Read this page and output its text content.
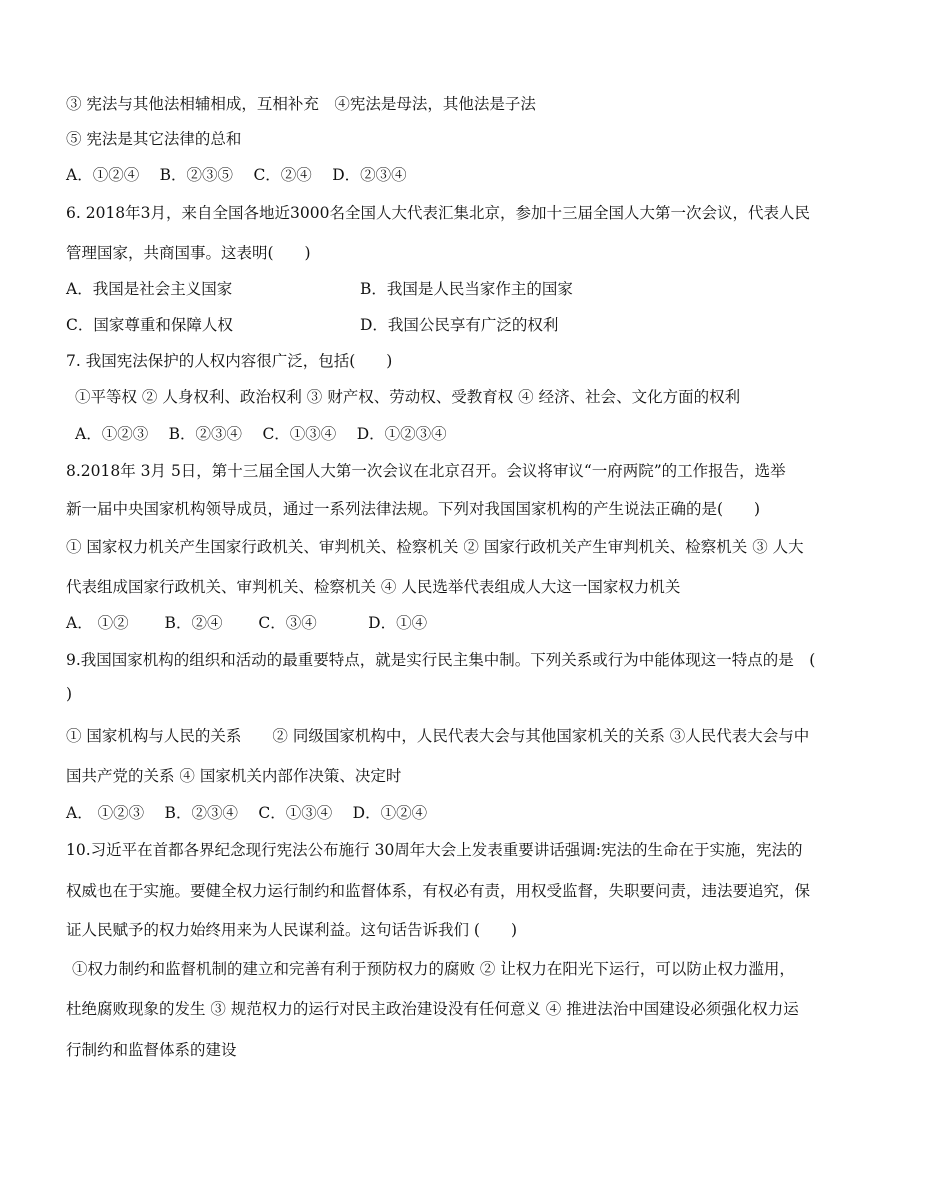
③ 宪法与其他法相辅相成，互相补充　④宪法是母法，其他法是子法
⑤ 宪法是其它法律的总和
A．①②④　 B．②③⑤　 C．②④　 D．②③④
6. 2018年3月，来自全国各地近3000名全国人大代表汇集北京，参加十三届全国人大第一次会议，代表人民
管理国家，共商国事。这表明(　　)
A．我国是社会主义国家	B．我国是人民当家作主的国家
C．国家尊重和保障人权	D．我国公民享有广泛的权利
7. 我国宪法保护的人权内容很广泛，包括(　　)
①平等权 ② 人身权利、政治权利 ③ 财产权、劳动权、受教育权 ④ 经济、社会、文化方面的权利
A．①②③　 B．②③④　 C．①③④　 D．①②③④
8.2018年 3月 5日，第十三届全国人大第一次会议在北京召开。会议将审议“一府两院”的工作报告，选举
新一届中央国家机构领导成员，通过一系列法律法规。下列对我国国家机构的产生说法正确的是(　　)
① 国家权力机关产生国家行政机关、审判机关、检察机关 ② 国家行政机关产生审判机关、检察机关 ③ 人大
代表组成国家行政机关、审判机关、检察机关 ④ 人民选举代表组成人大这一国家权力机关
A． ①②　　 B．②④　　 C．③④　　　 D．①④
9.我国国家机构的组织和活动的最重要特点，就是实行民主集中制。下列关系或行为中能体现这一特点的是　(
)
① 国家机构与人民的关系　　② 同级国家机构中，人民代表大会与其他国家机关的关系 ③人民代表大会与中
国共产党的关系 ④ 国家机关内部作决策、决定时
A． ①②③　 B．②③④　 C．①③④　 D．①②④
10.习近平在首都各界纪念现行宪法公布施行 30周年大会上发表重要讲话强调:宪法的生命在于实施，宪法的
权威也在于实施。要健全权力运行制约和监督体系，有权必有责，用权受监督，失职要问责，违法要追究，保
证人民赋予的权力始终用来为人民谋利益。这句话告诉我们 (　　)
①权力制约和监督机制的建立和完善有利于预防权力的腐败 ② 让权力在阳光下运行，可以防止权力滥用，
杜绝腐败现象的发生 ③ 规范权力的运行对民主政治建设没有任何意义 ④ 推进法治中国建设必须强化权力运
行制约和监督体系的建设
